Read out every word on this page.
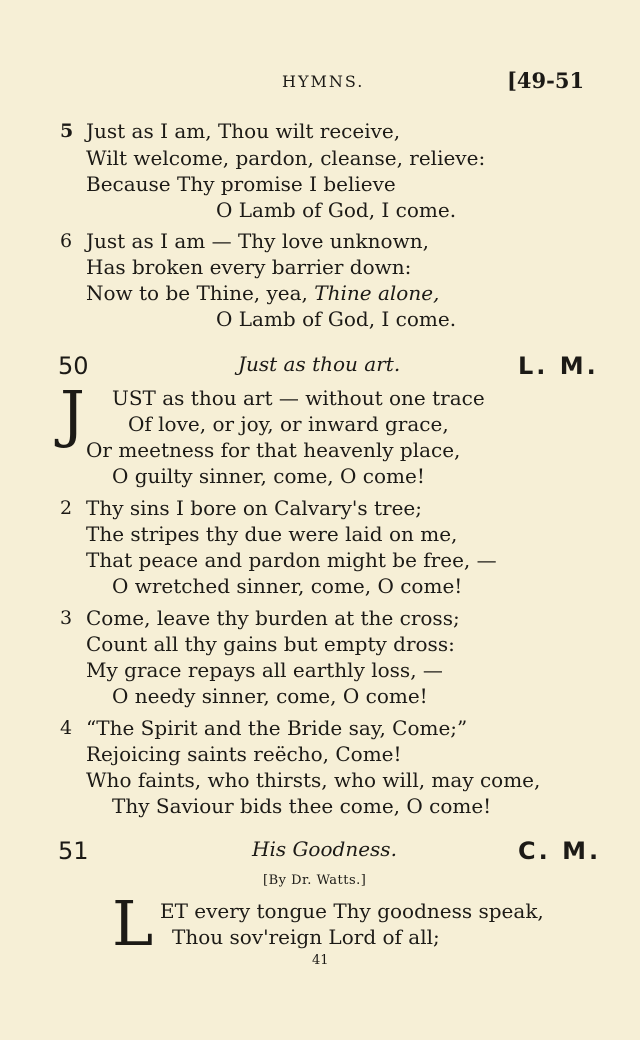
HYMNS.	[49-51
5 Just as I am, Thou wilt receive,
Wilt welcome, pardon, cleanse, relieve:
Because Thy promise I believe
O Lamb of God, I come.
6 Just as I am — Thy love unknown,
Has broken every barrier down:
Now to be Thine, yea, Thine alone,
O Lamb of God, I come.
50	Just as thou art.	L. M.
J UST as thou art — without one trace
Of love, or joy, or inward grace,
Or meetness for that heavenly place,
O guilty sinner, come, O come!
2 Thy sins I bore on Calvary's tree;
The stripes thy due were laid on me,
That peace and pardon might be free, —
O wretched sinner, come, O come!
3 Come, leave thy burden at the cross;
Count all thy gains but empty dross:
My grace repays all earthly loss, —
O needy sinner, come, O come!
4 “The Spirit and the Bride say, Come;”
Rejoicing saints reëcho, Come!
Who faints, who thirsts, who will, may come,
Thy Saviour bids thee come, O come!
51	His Goodness.	C. M.
[By Dr. Watts.]
L ET every tongue Thy goodness speak,
Thou sov'reign Lord of all;
41
